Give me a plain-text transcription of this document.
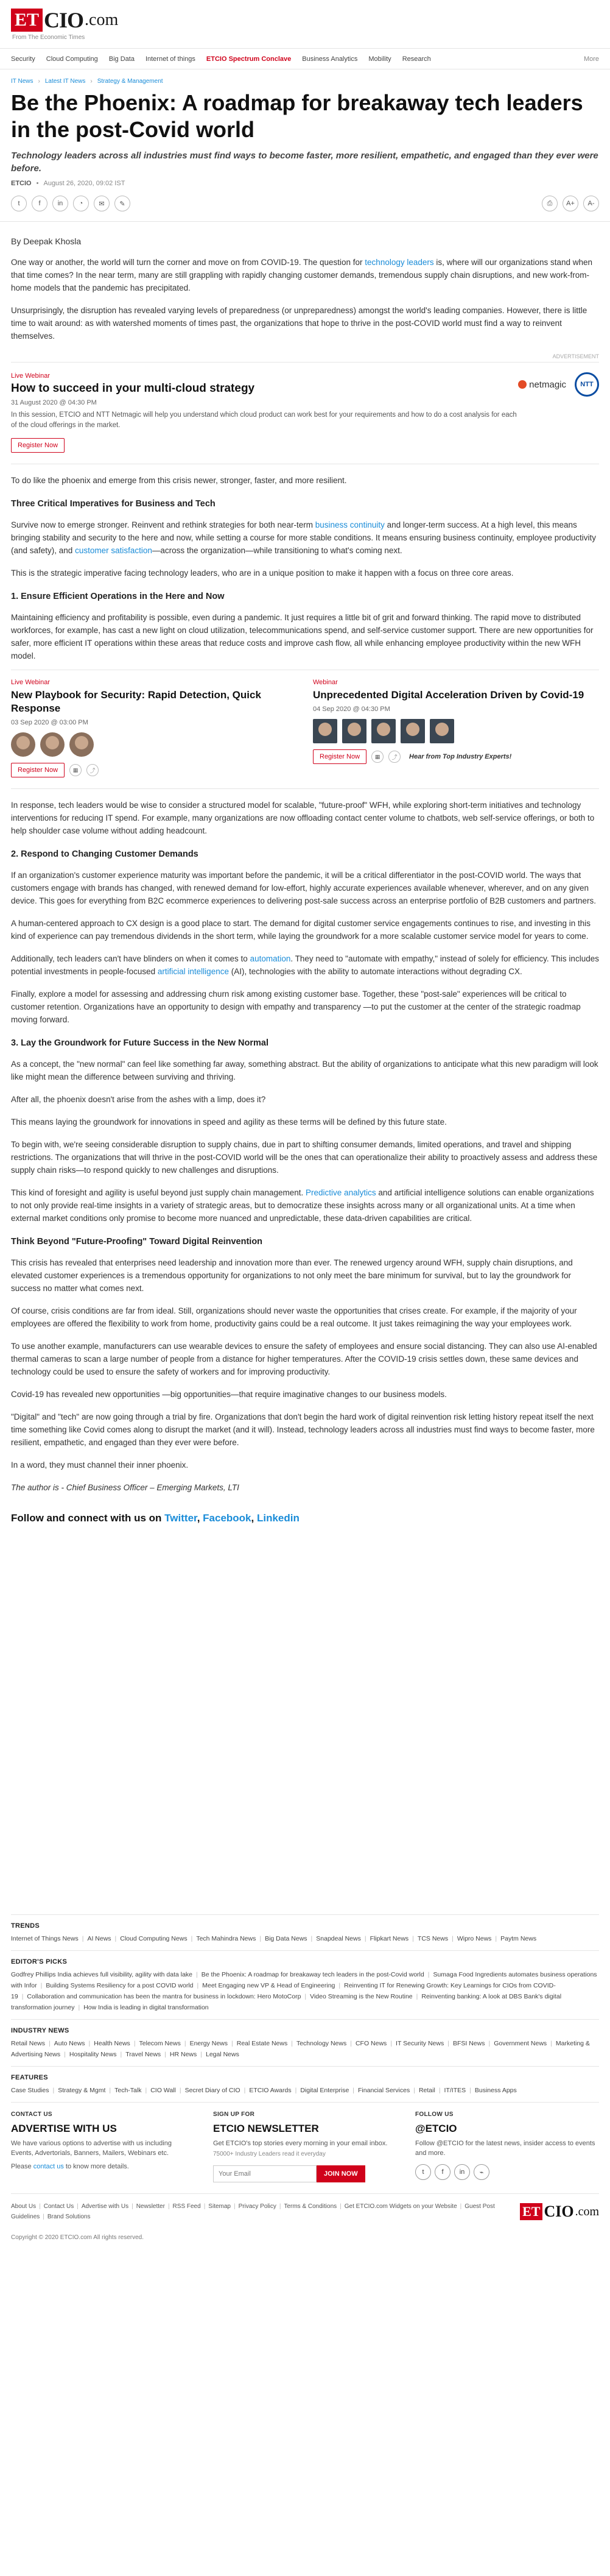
ET CIO .com
From The Economic Times
Security Cloud Computing Big Data Internet of things ETCIO Spectrum Conclave Business Analytics Mobility Research	More
IT News › Latest IT News › Strategy & Management
Be the Phoenix: A roadmap for breakaway tech leaders in the post-Covid world
Technology leaders across all industries must find ways to become faster, more resilient, empathetic, and engaged than they ever were before.
ETCIO • August 26, 2020, 09:02 IST
t	f	in	◔	✉	✎	⎙	A+	A-
By Deepak Khosla

One way or another, the world will turn the corner and move on from COVID-19. The question for technology leaders is, where will our organizations stand when that time comes? In the near term, many are still grappling with rapidly changing customer demands, tremendous supply chain disruptions, and new work-from-home models that the pandemic has precipitated.

Unsurprisingly, the disruption has revealed varying levels of preparedness (or unpreparedness) amongst the world's leading companies. However, there is little time to wait around: as with watershed moments of times past, the organizations that hope to thrive in the post-COVID world must find a way to reinvent themselves.

ADVERTISEMENT
Live Webinar
How to succeed in your multi-cloud strategy
31 August 2020 @ 04:30 PM
In this session, ETCIO and NTT Netmagic will help you understand which cloud product can work best for your requirements and how to do a cost analysis for each of the cloud offerings in the market.
Register Now
netmagic	NTT

To do like the phoenix and emerge from this crisis newer, stronger, faster, and more resilient.

Three Critical Imperatives for Business and Tech

Survive now to emerge stronger. Reinvent and rethink strategies for both near-term business continuity and longer-term success. At a high level, this means bringing stability and security to the here and now, while setting a course for more stable conditions. It means ensuring business continuity, employee productivity (and safety), and customer satisfaction—across the organization—while transitioning to what's coming next.

This is the strategic imperative facing technology leaders, who are in a unique position to make it happen with a focus on three core areas.

1. Ensure Efficient Operations in the Here and Now

Maintaining efficiency and profitability is possible, even during a pandemic. It just requires a little bit of grit and forward thinking. The rapid move to distributed workforces, for example, has cast a new light on cloud utilization, telecommunications spend, and self-service customer support. There are new opportunities for safer, more efficient IT operations within these areas that reduce costs and improve cash flow, all while enhancing employee productivity within the new WFH model.

Live Webinar
New Playbook for Security: Rapid Detection, Quick Response
03 Sep 2020 @ 03:00 PM
Register Now	▦	⤴
Webinar
Unprecedented Digital Acceleration Driven by Covid-19
04 Sep 2020 @ 04:30 PM
Register Now	▦	⤴	Hear from Top Industry Experts!

In response, tech leaders would be wise to consider a structured model for scalable, "future-proof" WFH, while exploring short-term initiatives and technology interventions for reducing IT spend. For example, many organizations are now offloading contact center volume to chatbots, web self-service offerings, or both to help shoulder case volume without adding headcount.

2. Respond to Changing Customer Demands

If an organization's customer experience maturity was important before the pandemic, it will be a critical differentiator in the post-COVID world. The ways that customers engage with brands has changed, with renewed demand for low-effort, highly accurate experiences available whenever, wherever, and on any given device. This goes for everything from B2C ecommerce experiences to delivering post-sale success across an enterprise portfolio of B2B customers and partners.

A human-centered approach to CX design is a good place to start. The demand for digital customer service engagements continues to rise, and investing in this kind of experience can pay tremendous dividends in the short term, while laying the groundwork for a more scalable customer service model for years to come.

Additionally, tech leaders can't have blinders on when it comes to automation. They need to "automate with empathy," instead of solely for efficiency. This includes potential investments in people-focused artificial intelligence (AI), technologies with the ability to automate interactions without degrading CX.

Finally, explore a model for assessing and addressing churn risk among existing customer base. Together, these "post-sale" experiences will be critical to customer retention. Organizations have an opportunity to design with empathy and transparency —to put the customer at the center of the strategic roadmap moving forward.

3. Lay the Groundwork for Future Success in the New Normal

As a concept, the "new normal" can feel like something far away, something abstract. But the ability of organizations to anticipate what this new paradigm will look like might mean the difference between surviving and thriving.

After all, the phoenix doesn't arise from the ashes with a limp, does it?

This means laying the groundwork for innovations in speed and agility as these terms will be defined by this future state.

To begin with, we're seeing considerable disruption to supply chains, due in part to shifting consumer demands, limited operations, and travel and shipping restrictions. The organizations that will thrive in the post-COVID world will be the ones that can operationalize their ability to proactively assess and address these supply chain risks—to respond quickly to new challenges and disruptions.

This kind of foresight and agility is useful beyond just supply chain management. Predictive analytics and artificial intelligence solutions can enable organizations to not only provide real-time insights in a variety of strategic areas, but to democratize these insights across many or all organizational units. At a time when external market conditions only promise to become more nuanced and unpredictable, these data-driven capabilities are critical.

Think Beyond "Future-Proofing" Toward Digital Reinvention

This crisis has revealed that enterprises need leadership and innovation more than ever. The renewed urgency around WFH, supply chain disruptions, and elevated customer experiences is a tremendous opportunity for organizations to not only meet the bare minimum for survival, but to lay the groundwork for success no matter what comes next.

Of course, crisis conditions are far from ideal. Still, organizations should never waste the opportunities that crises create. For example, if the majority of your employees are offered the flexibility to work from home, productivity gains could be a real outcome. It just takes reimagining the way your employees work.

To use another example, manufacturers can use wearable devices to ensure the safety of employees and ensure social distancing. They can also use AI-enabled thermal cameras to scan a large number of people from a distance for higher temperatures. After the COVID-19 crisis settles down, these same devices and technology could be used to ensure the safety of workers and for improving productivity.

Covid-19 has revealed new opportunities —big opportunities—that require imaginative changes to our business models.

"Digital" and "tech" are now going through a trial by fire. Organizations that don't begin the hard work of digital reinvention risk letting history repeat itself the next time something like Covid comes along to disrupt the market (and it will). Instead, technology leaders across all industries must find ways to become faster, more resilient, empathetic, and engaged than they ever were before.

In a word, they must channel their inner phoenix.

The author is - Chief Business Officer – Emerging Markets, LTI

Follow and connect with us on Twitter, Facebook, Linkedin
TRENDS
Internet of Things News | AI News | Cloud Computing News | Tech Mahindra News | Big Data News | Snapdeal News | Flipkart News | TCS News | Wipro News | Paytm News
EDITOR'S PICKS
Godfrey Phillips India achieves full visibility, agility with data lake | Be the Phoenix: A roadmap for breakaway tech leaders in the post-Covid world | Sumaga Food Ingredients automates business operations with Infor | Building Systems Resiliency for a post COVID world | Meet Engaging new VP & Head of Engineering | Reinventing IT for Renewing Growth: Key Learnings for CIOs from COVID-19 | Collaboration and communication has been the mantra for business in lockdown: Hero MotoCorp | Video Streaming is the New Routine | Reinventing banking: A look at DBS Bank's digital transformation journey | How India is leading in digital transformation
INDUSTRY NEWS
Retail News | Auto News | Health News | Telecom News | Energy News | Real Estate News | Technology News | CFO News | IT Security News | BFSI News | Government News | Marketing & Advertising News | Hospitality News | Travel News | HR News | Legal News
FEATURES
Case Studies | Strategy & Mgmt | Tech-Talk | CIO Wall | Secret Diary of CIO | ETCIO Awards | Digital Enterprise | Financial Services | Retail | IT/ITES | Business Apps
CONTACT US
ADVERTISE WITH US

We have various options to advertise with us including Events, Advertorials, Banners, Mailers, Webinars etc.

Please contact us to know more details.

SIGN UP FOR
ETCIO NEWSLETTER

Get ETCIO's top stories every morning in your email inbox.

75000+ Industry Leaders read it everyday

Your Email
JOIN NOW
FOLLOW US
@ETCIO

Follow @ETCIO for the latest news, insider access to events and more.

t	f	in	⌁
About Us | Contact Us | Advertise with Us | Newsletter | RSS Feed | Sitemap | Privacy Policy | Terms & Conditions | Get ETCIO.com Widgets on your Website | Guest Post Guidelines | Brand Solutions	ET CIO .com
Copyright © 2020 ETCIO.com All rights reserved.
